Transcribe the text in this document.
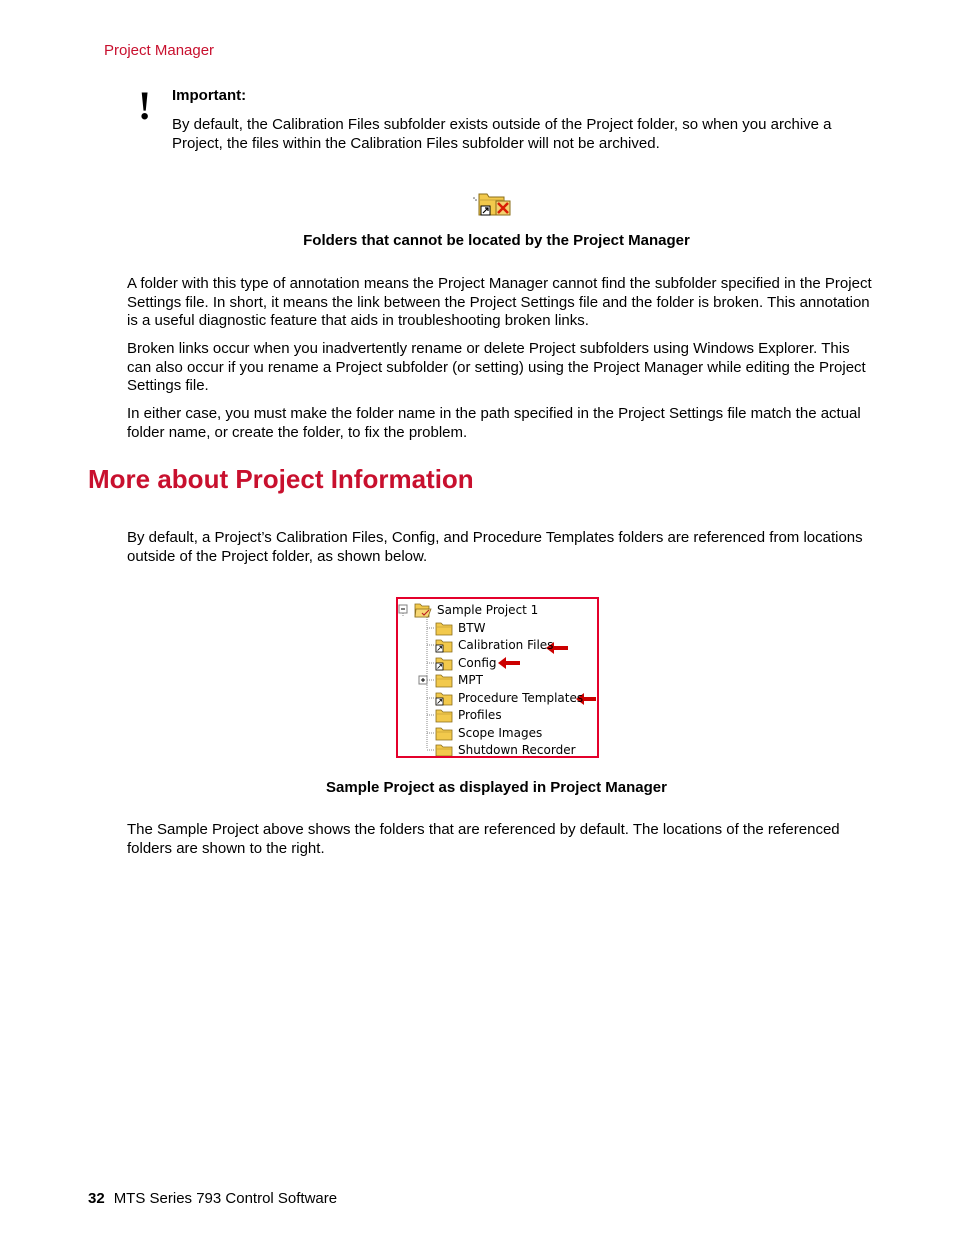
Project Manager
! Important:
By default, the Calibration Files subfolder exists outside of the Project folder, so when you archive a Project, the files within the Calibration Files subfolder will not be archived.
Folders that cannot be located by the Project Manager
A folder with this type of annotation means the Project Manager cannot find the subfolder specified in the Project Settings file. In short, it means the link between the Project Settings file and the folder is broken. This annotation is a useful diagnostic feature that aids in troubleshooting broken links.
Broken links occur when you inadvertently rename or delete Project subfolders using Windows Explorer. This can also occur if you rename a Project subfolder (or setting) using the Project Manager while editing the Project Settings file.
In either case, you must make the folder name in the path specified in the Project Settings file match the actual folder name, or create the folder, to fix the problem.
More about Project Information
By default, a Project’s Calibration Files, Config, and Procedure Templates folders are referenced from locations outside of the Project folder, as shown below.
Sample Project 1
BTW
Calibration Files
Config
MPT
Procedure Templates
Profiles
Scope Images
Shutdown Recorder
Sample Project as displayed in Project Manager
The Sample Project above shows the folders that are referenced by default. The locations of the referenced folders are shown to the right.
32 MTS Series 793 Control Software
